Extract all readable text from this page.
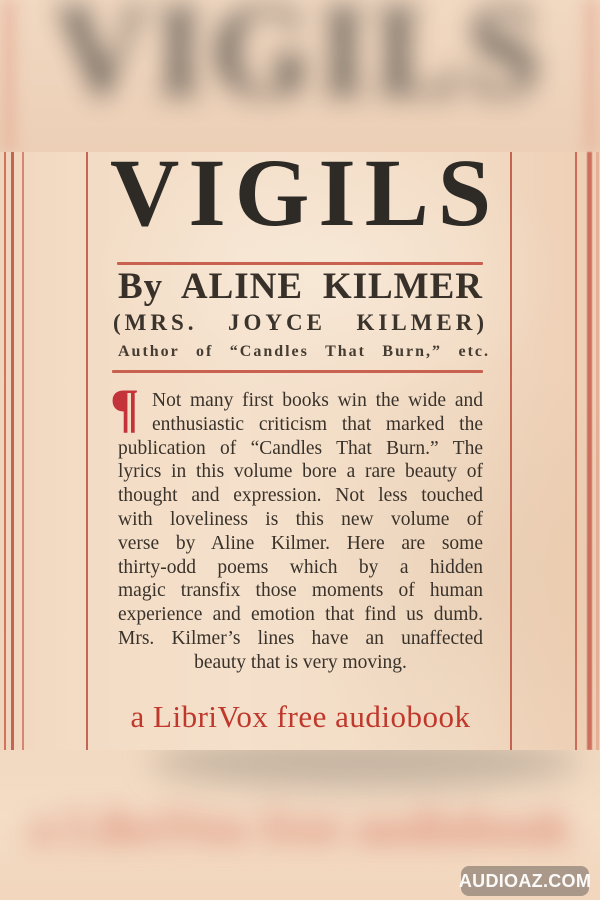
VIGILS
VIGILS
By ALINE KILMER
(MRS. JOYCE KILMER)
Author of “Candles That Burn,” etc.
¶ Not many first books win the wide and
enthusiastic criticism that marked the
publication of “Candles That Burn.” The
lyrics in this volume bore a rare beauty of
thought and expression. Not less touched
with loveliness is this new volume of
verse by Aline Kilmer. Here are some
thirty-odd poems which by a hidden
magic transfix those moments of human
experience and emotion that find us dumb.
Mrs. Kilmer’s lines have an unaffected
beauty that is very moving.
a LibriVox free audiobook
a LibriVox free audiobook
AUDIOAZ.COM
